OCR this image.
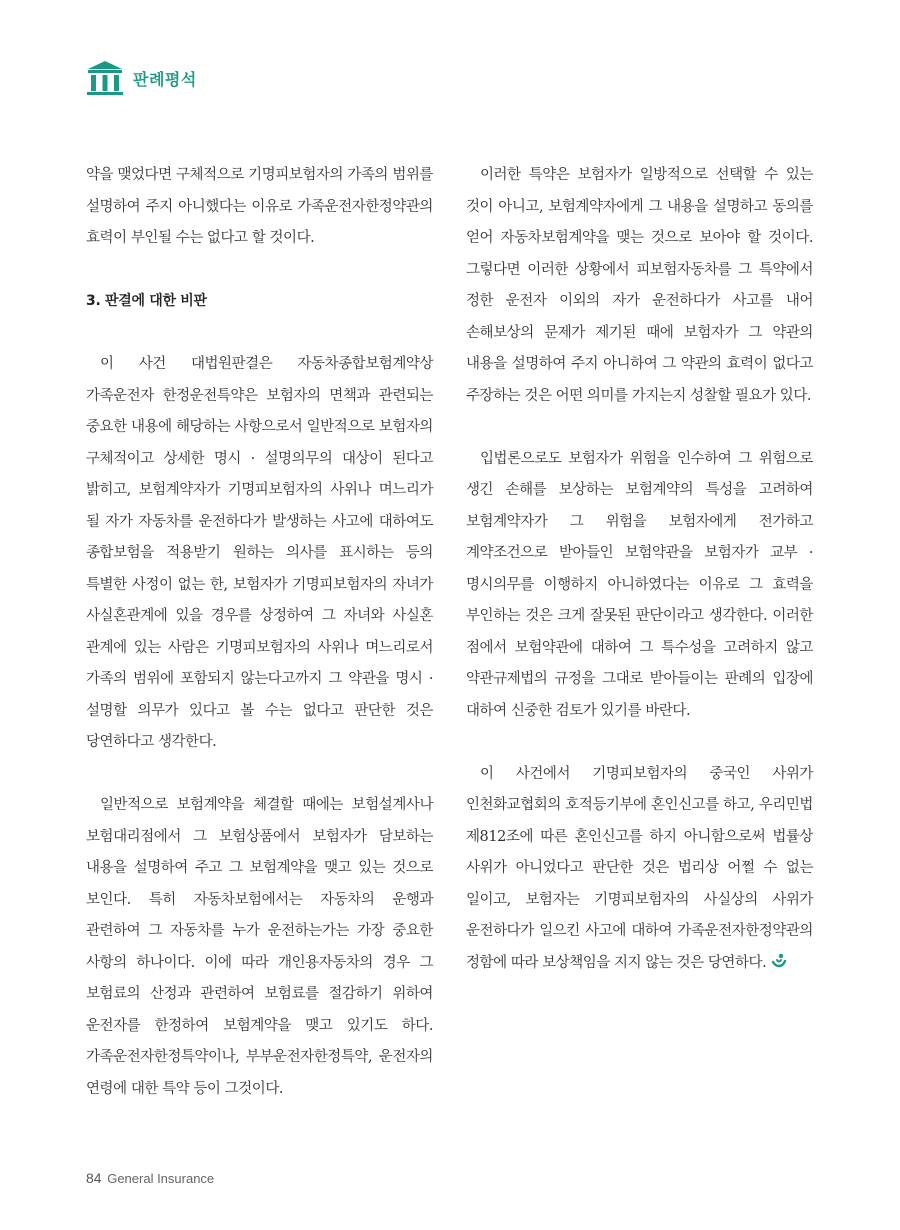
판례평석

약을 맺었다면 구체적으로 기명피보험자의 가족의 범위를 설명하여 주지 아니했다는 이유로 가족운전자한정약관의 효력이 부인될 수는 없다고 할 것이다.

3. 판결에 대한 비판

이 사건 대법원판결은 자동차종합보험계약상 가족운전자 한정운전특약은 보험자의 면책과 관련되는 중요한 내용에 해당하는 사항으로서 일반적으로 보험자의 구체적이고 상세한 명시 · 설명의무의 대상이 된다고 밝히고, 보험계약자가 기명피보험자의 사위나 며느리가 될 자가 자동차를 운전하다가 발생하는 사고에 대하여도 종합보험을 적용받기 원하는 의사를 표시하는 등의 특별한 사정이 없는 한, 보험자가 기명피보험자의 자녀가 사실혼관계에 있을 경우를 상정하여 그 자녀와 사실혼 관계에 있는 사람은 기명피보험자의 사위나 며느리로서 가족의 범위에 포함되지 않는다고까지 그 약관을 명시 · 설명할 의무가 있다고 볼 수는 없다고 판단한 것은 당연하다고 생각한다.

일반적으로 보험계약을 체결할 때에는 보험설계사나 보험대리점에서 그 보험상품에서 보험자가 담보하는 내용을 설명하여 주고 그 보험계약을 맺고 있는 것으로 보인다. 특히 자동차보험에서는 자동차의 운행과 관련하여 그 자동차를 누가 운전하는가는 가장 중요한 사항의 하나이다. 이에 따라 개인용자동차의 경우 그 보험료의 산정과 관련하여 보험료를 절감하기 위하여 운전자를 한정하여 보험계약을 맺고 있기도 하다. 가족운전자한정특약이나, 부부운전자한정특약, 운전자의 연령에 대한 특약 등이 그것이다.

이러한 특약은 보험자가 일방적으로 선택할 수 있는 것이 아니고, 보험계약자에게 그 내용을 설명하고 동의를 얻어 자동차보험계약을 맺는 것으로 보아야 할 것이다. 그렇다면 이러한 상황에서 피보험자동차를 그 특약에서 정한 운전자 이외의 자가 운전하다가 사고를 내어 손해보상의 문제가 제기된 때에 보험자가 그 약관의 내용을 설명하여 주지 아니하여 그 약관의 효력이 없다고 주장하는 것은 어떤 의미를 가지는지 성찰할 필요가 있다.

입법론으로도 보험자가 위험을 인수하여 그 위험으로 생긴 손해를 보상하는 보험계약의 특성을 고려하여 보험계약자가 그 위험을 보험자에게 전가하고 계약조건으로 받아들인 보험약관을 보험자가 교부 · 명시의무를 이행하지 아니하였다는 이유로 그 효력을 부인하는 것은 크게 잘못된 판단이라고 생각한다. 이러한 점에서 보험약관에 대하여 그 특수성을 고려하지 않고 약관규제법의 규정을 그대로 받아들이는 판례의 입장에 대하여 신중한 검토가 있기를 바란다.

이 사건에서 기명피보험자의 중국인 사위가 인천화교협회의 호적등기부에 혼인신고를 하고, 우리민법 제812조에 따른 혼인신고를 하지 아니함으로써 법률상 사위가 아니었다고 판단한 것은 법리상 어쩔 수 없는 일이고, 보험자는 기명피보험자의 사실상의 사위가 운전하다가 일으킨 사고에 대하여 가족운전자한정약관의 정함에 따라 보상책임을 지지 않는 것은 당연하다.

84 General Insurance
